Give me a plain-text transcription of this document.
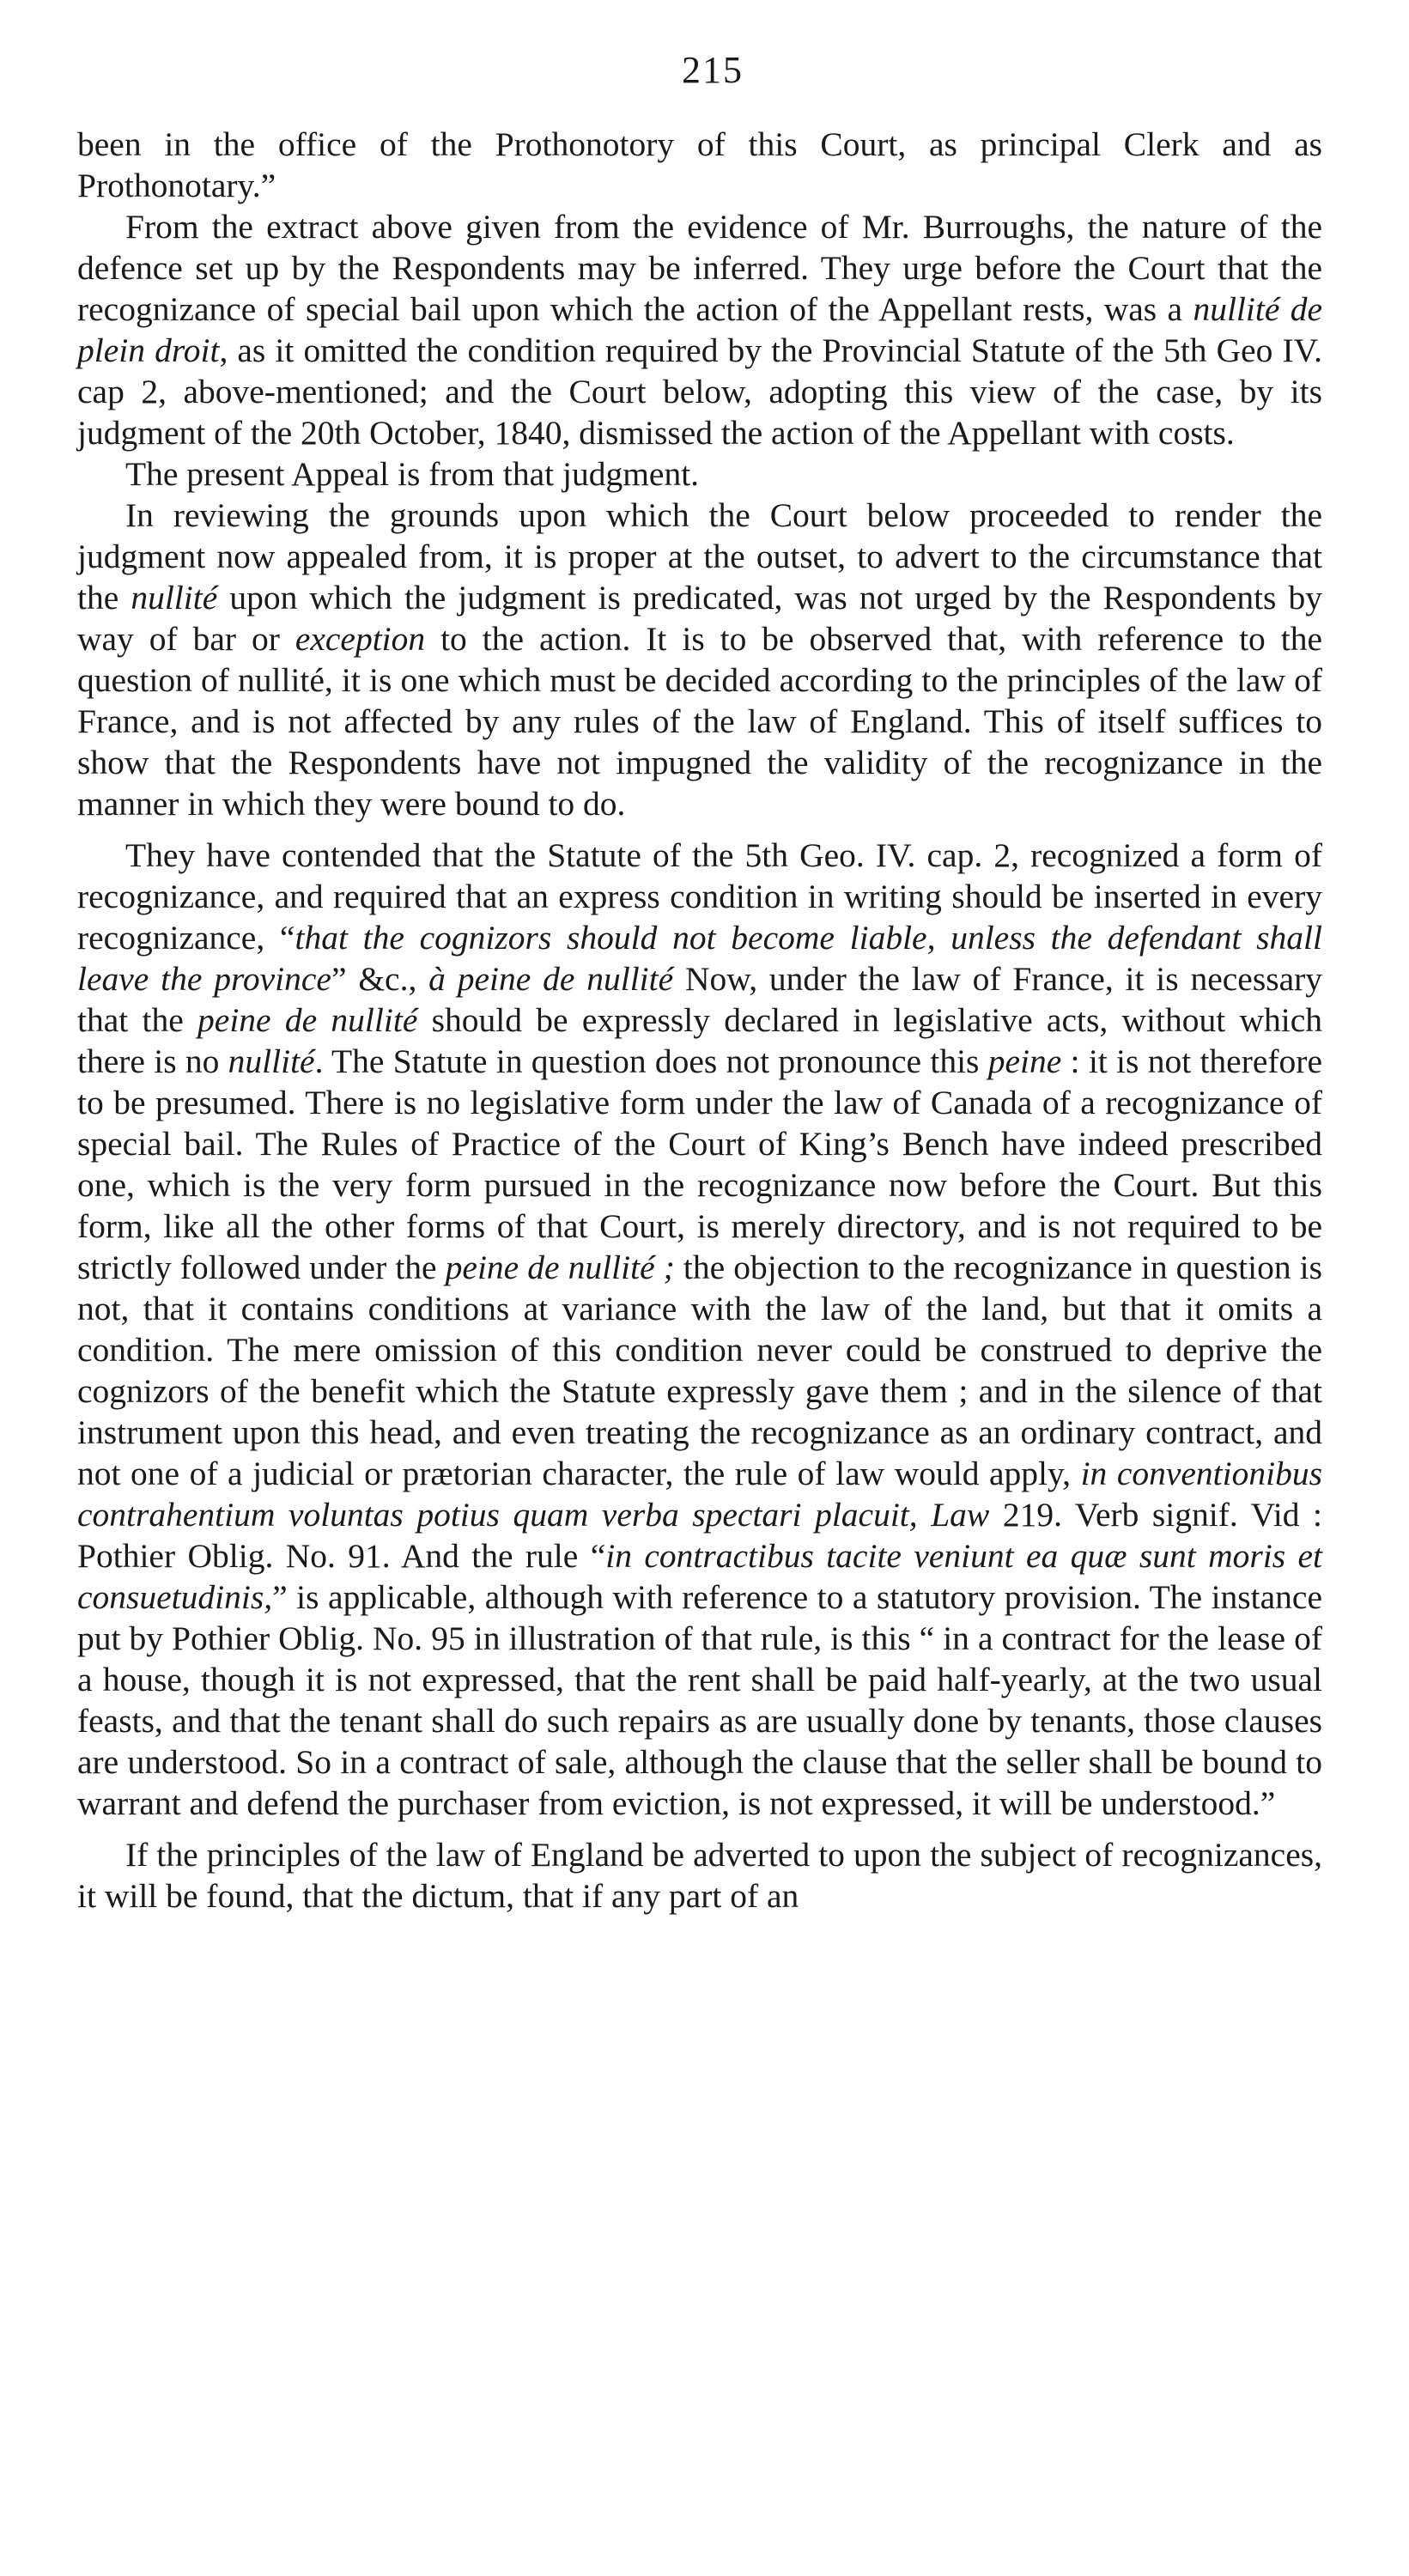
215

been in the office of the Prothonotory of this Court, as principal Clerk and as Prothonotary.”

From the extract above given from the evidence of Mr. Burroughs, the nature of the defence set up by the Respondents may be inferred. They urge before the Court that the recognizance of special bail upon which the action of the Appellant rests, was a nullité de plein droit, as it omitted the condition required by the Provincial Statute of the 5th Geo IV. cap 2, above-mentioned; and the Court below, adopting this view of the case, by its judgment of the 20th October, 1840, dismissed the action of the Appellant with costs.

The present Appeal is from that judgment.

In reviewing the grounds upon which the Court below proceeded to render the judgment now appealed from, it is proper at the outset, to advert to the circumstance that the nullité upon which the judgment is predicated, was not urged by the Respondents by way of bar or exception to the action. It is to be observed that, with reference to the question of nullité, it is one which must be decided according to the principles of the law of France, and is not affected by any rules of the law of England. This of itself suffices to show that the Respondents have not impugned the validity of the recognizance in the manner in which they were bound to do.

They have contended that the Statute of the 5th Geo. IV. cap. 2, recognized a form of recognizance, and required that an express condition in writing should be inserted in every recognizance, “that the cognizors should not become liable, unless the defendant shall leave the province” &c., à peine de nullité Now, under the law of France, it is necessary that the peine de nullité should be expressly declared in legislative acts, without which there is no nullité. The Statute in question does not pronounce this peine : it is not therefore to be presumed. There is no legislative form under the law of Canada of a recognizance of special bail. The Rules of Practice of the Court of King’s Bench have indeed prescribed one, which is the very form pursued in the recognizance now before the Court. But this form, like all the other forms of that Court, is merely directory, and is not required to be strictly followed under the peine de nullité ; the objection to the recognizance in question is not, that it contains conditions at variance with the law of the land, but that it omits a condition. The mere omission of this condition never could be construed to deprive the cognizors of the benefit which the Statute expressly gave them ; and in the silence of that instrument upon this head, and even treating the recognizance as an ordinary contract, and not one of a judicial or prætorian character, the rule of law would apply, in conventionibus contrahentium voluntas potius quam verba spectari placuit, Law 219. Verb signif. Vid : Pothier Oblig. No. 91. And the rule “in contractibus tacite veniunt ea quæ sunt moris et consuetudinis,” is applicable, although with reference to a statutory provision. The instance put by Pothier Oblig. No. 95 in illustration of that rule, is this “ in a contract for the lease of a house, though it is not expressed, that the rent shall be paid half-yearly, at the two usual feasts, and that the tenant shall do such repairs as are usually done by tenants, those clauses are understood. So in a contract of sale, although the clause that the seller shall be bound to warrant and defend the purchaser from eviction, is not expressed, it will be understood.”

If the principles of the law of England be adverted to upon the subject of recognizances, it will be found, that the dictum, that if any part of an
